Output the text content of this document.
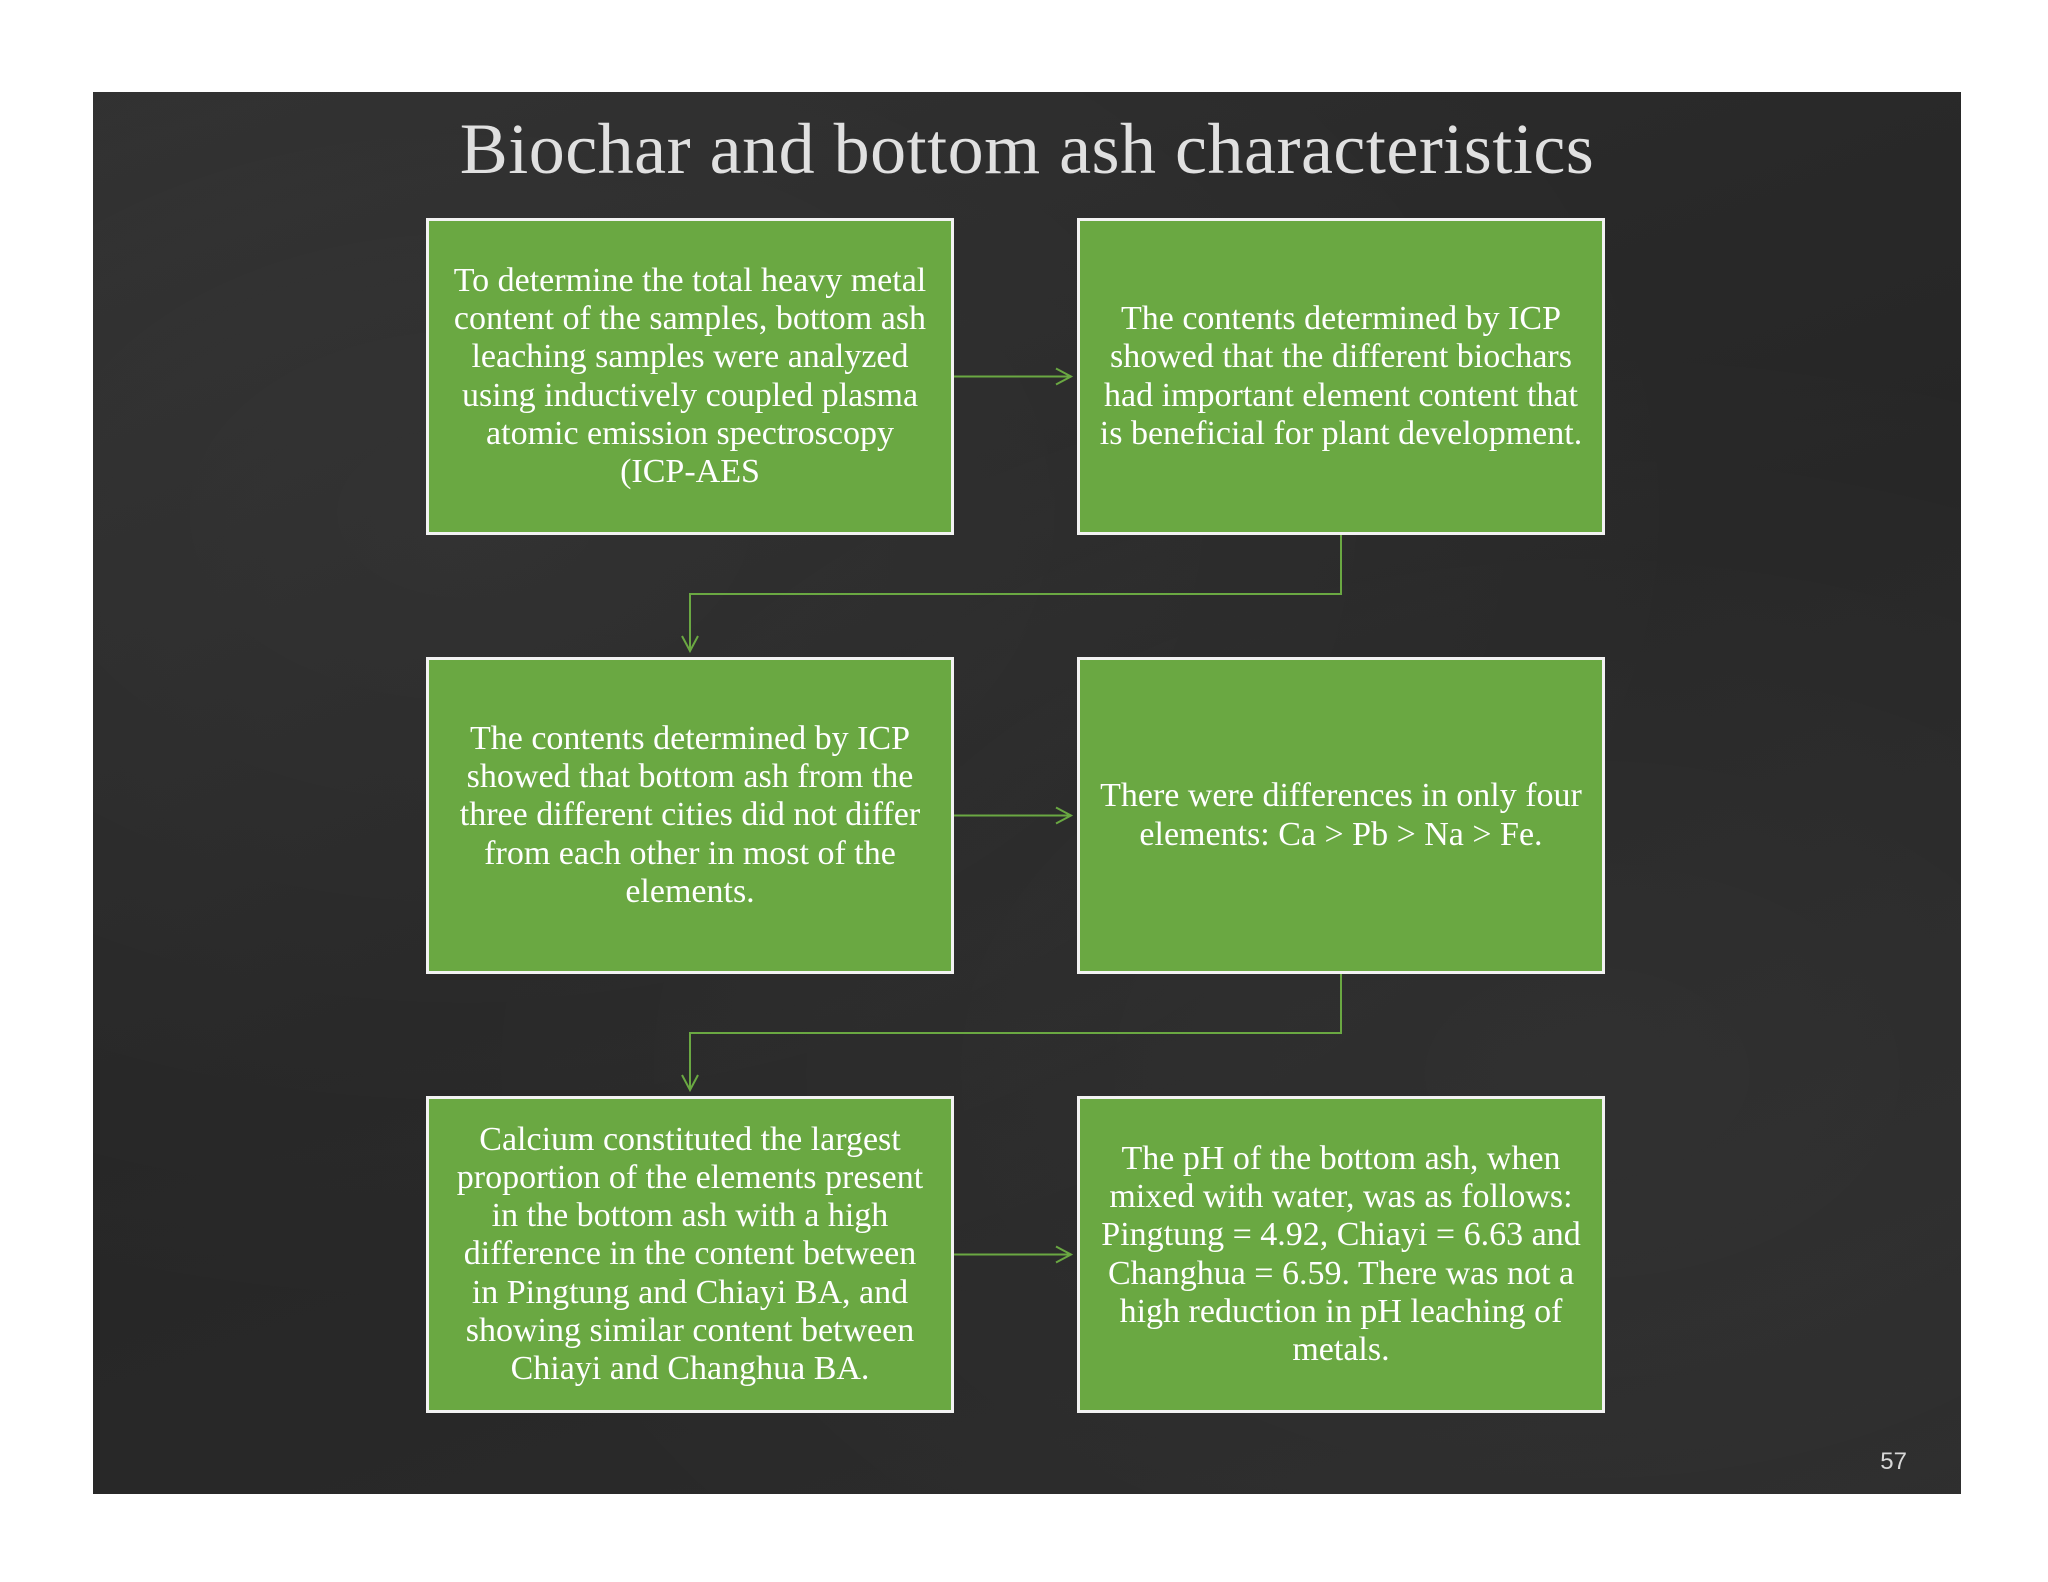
Biochar and bottom ash characteristics
To determine the total heavy metal content of the samples, bottom ash leaching samples were analyzed using inductively coupled plasma atomic emission spectroscopy (ICP-AES
The contents determined by ICP showed that the different biochars had important element content that is beneficial for plant development.
The contents determined by ICP showed that bottom ash from the three different cities did not differ from each other in most of the elements.
There were differences in only four elements: Ca > Pb > Na > Fe.
Calcium constituted the largest proportion of the elements present in the bottom ash with a high difference in the content between in Pingtung and Chiayi BA, and showing similar content between Chiayi and Changhua BA.
The pH of the bottom ash, when mixed with water, was as follows: Pingtung = 4.92, Chiayi = 6.63 and Changhua = 6.59. There was not a high reduction in pH leaching of metals.
57
